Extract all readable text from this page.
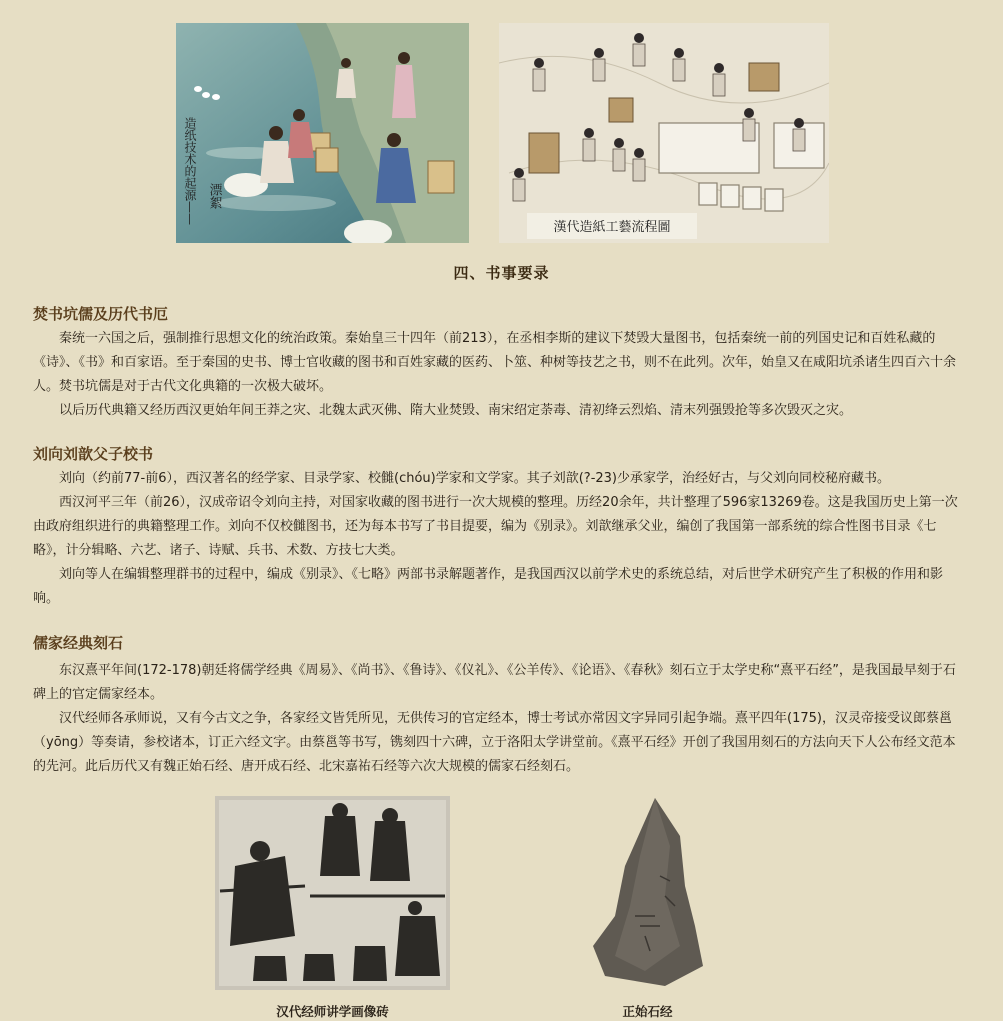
造纸技术的起源—— 漂絮
漢代造紙工藝流程圖
四、书事要录
焚书坑儒及历代书厄

秦统一六国之后，强制推行思想文化的统治政策。秦始皇三十四年（前213），在丞相李斯的建议下焚毁大量图书，包括秦统一前的列国史记和百姓私藏的《诗》、《书》和百家语。至于秦国的史书、博士官收藏的图书和百姓家藏的医药、卜筮、种树等技艺之书，则不在此列。次年，始皇又在咸阳坑杀诸生四百六十余人。焚书坑儒是对于古代文化典籍的一次极大破坏。

以后历代典籍又经历西汉更始年间王莽之灾、北魏太武灭佛、隋大业焚毁、南宋绍定荼毒、清初绛云烈焰、清末列强毁抢等多次毁灭之灾。

刘向刘歆父子校书

刘向（约前77-前6），西汉著名的经学家、目录学家、校雠(chóu)学家和文学家。其子刘歆(?-23)少承家学，治经好古，与父刘向同校秘府藏书。

西汉河平三年（前26），汉成帝诏令刘向主持，对国家收藏的图书进行一次大规模的整理。历经20余年，共计整理了596家13269卷。这是我国历史上第一次由政府组织进行的典籍整理工作。刘向不仅校雠图书，还为每本书写了书目提要，编为《别录》。刘歆继承父业，编创了我国第一部系统的综合性图书目录《七略》，计分辑略、六艺、诸子、诗赋、兵书、术数、方技七大类。

刘向等人在编辑整理群书的过程中，编成《别录》、《七略》两部书录解题著作，是我国西汉以前学术史的系统总结，对后世学术研究产生了积极的作用和影响。

儒家经典刻石

东汉熹平年间(172-178)朝廷将儒学经典《周易》、《尚书》、《鲁诗》、《仪礼》、《公羊传》、《论语》、《春秋》刻石立于太学史称“熹平石经”，是我国最早刻于石碑上的官定儒家经本。

汉代经师各承师说，又有今古文之争，各家经文皆凭所见，无供传习的官定经本，博士考试亦常因文字异同引起争端。熹平四年(175)，汉灵帝接受议郎蔡邕（yōng）等奏请，参校诸本，订正六经文字。由蔡邕等书写，镌刻四十六碑，立于洛阳太学讲堂前。《熹平石经》开创了我国用刻石的方法向天下人公布经文范本的先河。此后历代又有魏正始石经、唐开成石经、北宋嘉祐石经等六次大规模的儒家石经刻石。

汉代经师讲学画像砖	正始石经
